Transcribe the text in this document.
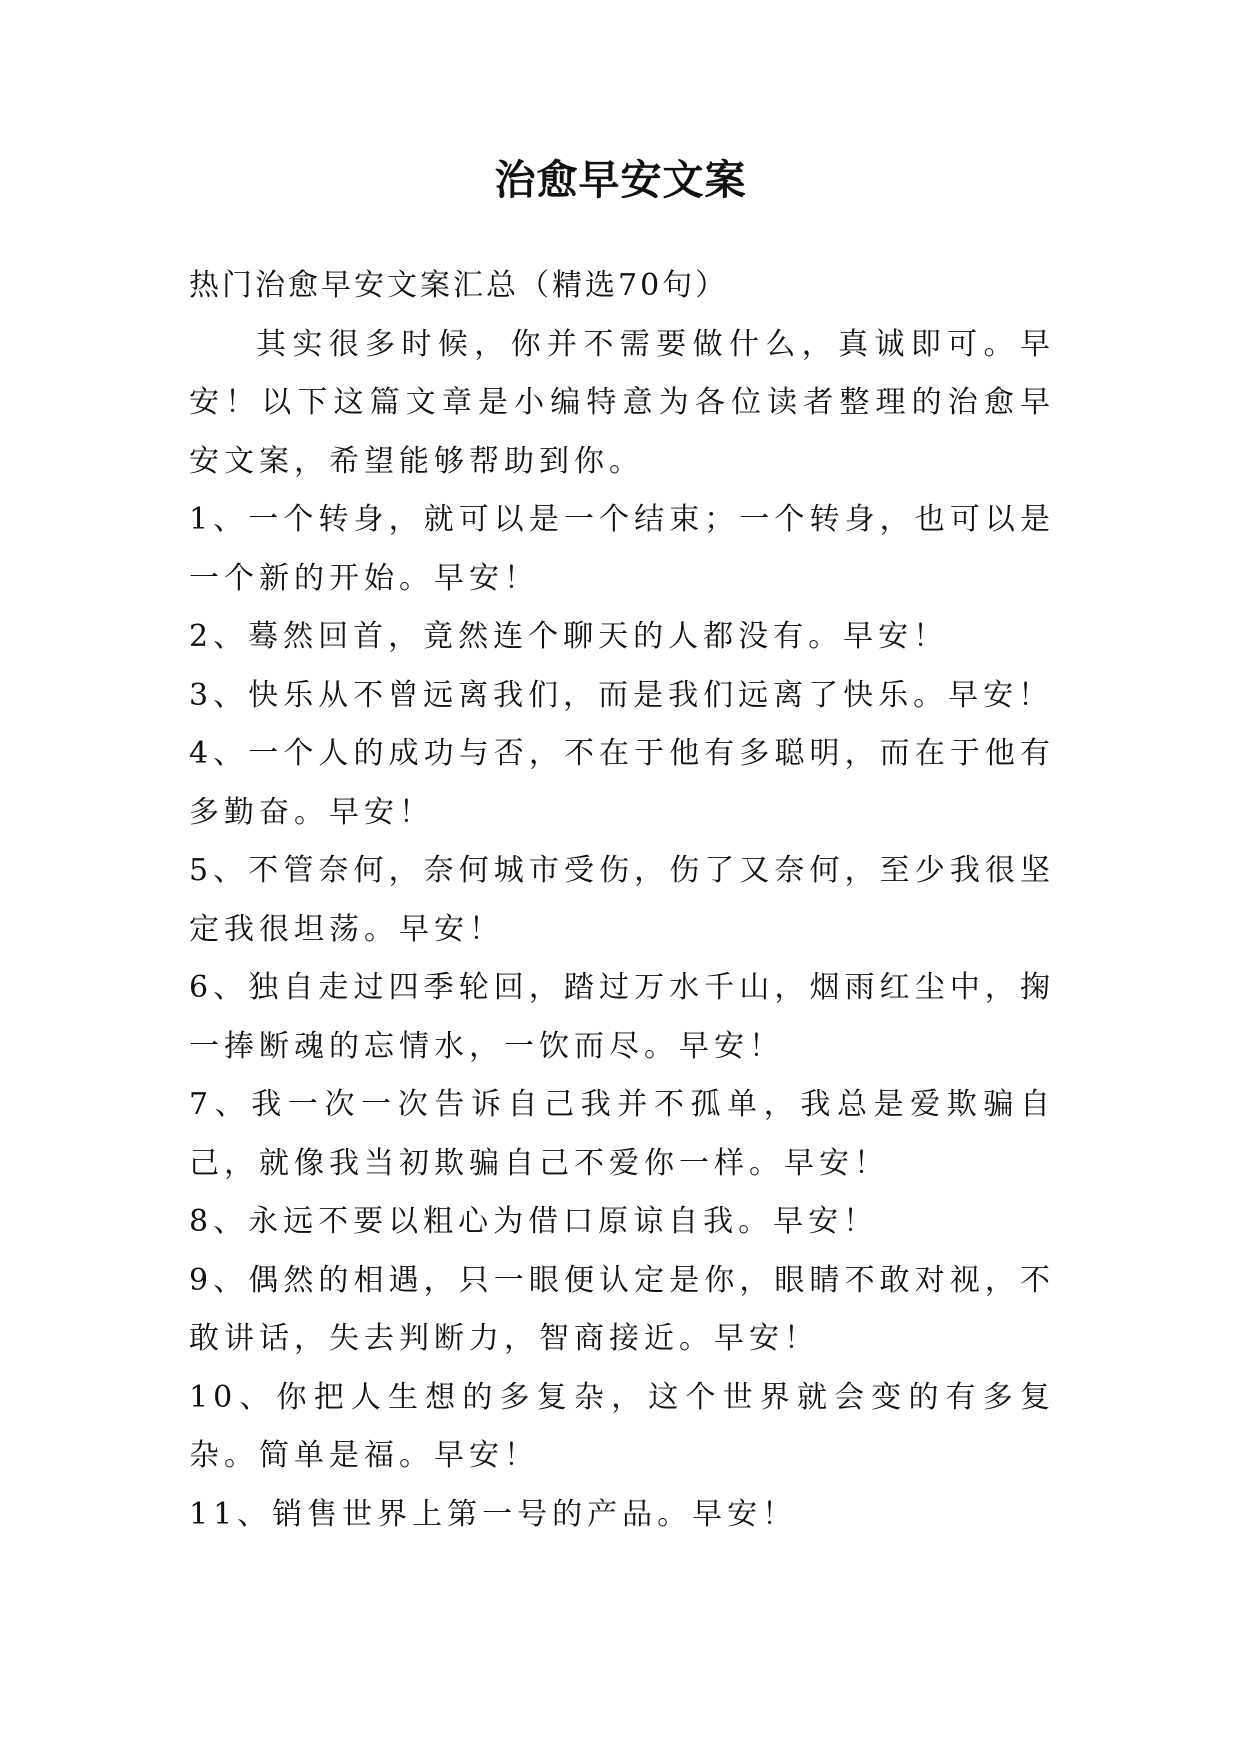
治愈早安文案

热门治愈早安文案汇总（精选70句）

其实很多时候，你并不需要做什么，真诚即可。早安！以下这篇文章是小编特意为各位读者整理的治愈早安文案，希望能够帮助到你。

1、一个转身，就可以是一个结束；一个转身，也可以是一个新的开始。早安！

2、蓦然回首，竟然连个聊天的人都没有。早安！

3、快乐从不曾远离我们，而是我们远离了快乐。早安！

4、一个人的成功与否，不在于他有多聪明，而在于他有多勤奋。早安！

5、不管奈何，奈何城市受伤，伤了又奈何，至少我很坚定我很坦荡。早安！

6、独自走过四季轮回，踏过万水千山，烟雨红尘中，掬一捧断魂的忘情水，一饮而尽。早安！

7、我一次一次告诉自己我并不孤单，我总是爱欺骗自己，就像我当初欺骗自己不爱你一样。早安！

8、永远不要以粗心为借口原谅自我。早安！

9、偶然的相遇，只一眼便认定是你，眼睛不敢对视，不敢讲话，失去判断力，智商接近。早安！

10、你把人生想的多复杂，这个世界就会变的有多复杂。简单是福。早安！

11、销售世界上第一号的产品。早安！
